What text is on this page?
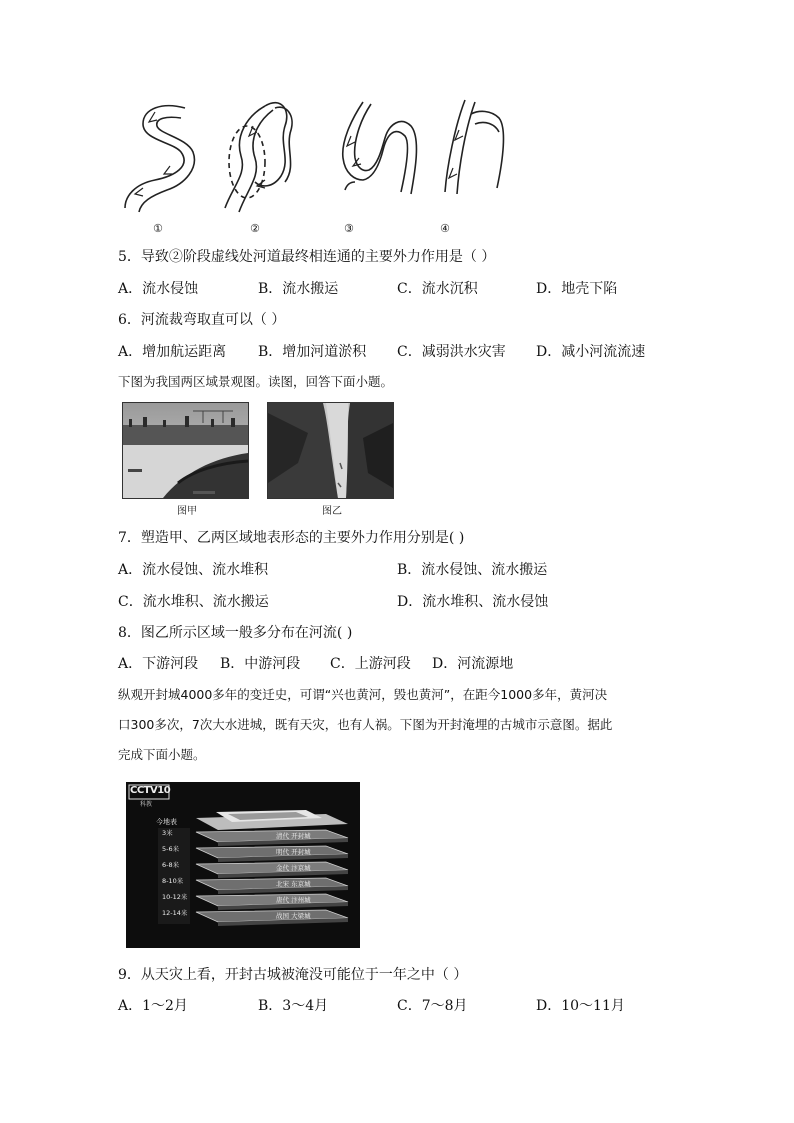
①	②	③	④
5．导致②阶段虚线处河道最终相连通的主要外力作用是（ ）
A．流水侵蚀	B．流水搬运	C．流水沉积	D．地壳下陷
6．河流裁弯取直可以（ ）
A．增加航运距离 B．增加河道淤积 C．减弱洪水灾害 D．减小河流流速
下图为我国两区域景观图。读图，回答下面小题。
图甲	图乙
7．塑造甲、乙两区域地表形态的主要外力作用分别是( )
A．流水侵蚀、流水堆积	B．流水侵蚀、流水搬运
C．流水堆积、流水搬运	D．流水堆积、流水侵蚀
8．图乙所示区域一般多分布在河流( )
A．下游河段 B．中游河段 C．上游河段 D．河流源地
纵观开封城4000多年的变迁史，可谓“兴也黄河，毁也黄河”，在距今1000多年，黄河决
口300多次，7次大水进城，既有天灾，也有人祸。下图为开封淹埋的古城市示意图。据此
完成下面小题。
CCTV10
科教
今地表
3米
5-6米
6-8米
8-10米
10-12米
12-14米
清代 开封城
明代 开封城
金代 汴京城
北宋 东京城
唐代 汴州城
战国 大梁城
9．从天灾上看，开封古城被淹没可能位于一年之中（ ）
A．1～2月	B．3～4月	C．7～8月	D．10～11月
